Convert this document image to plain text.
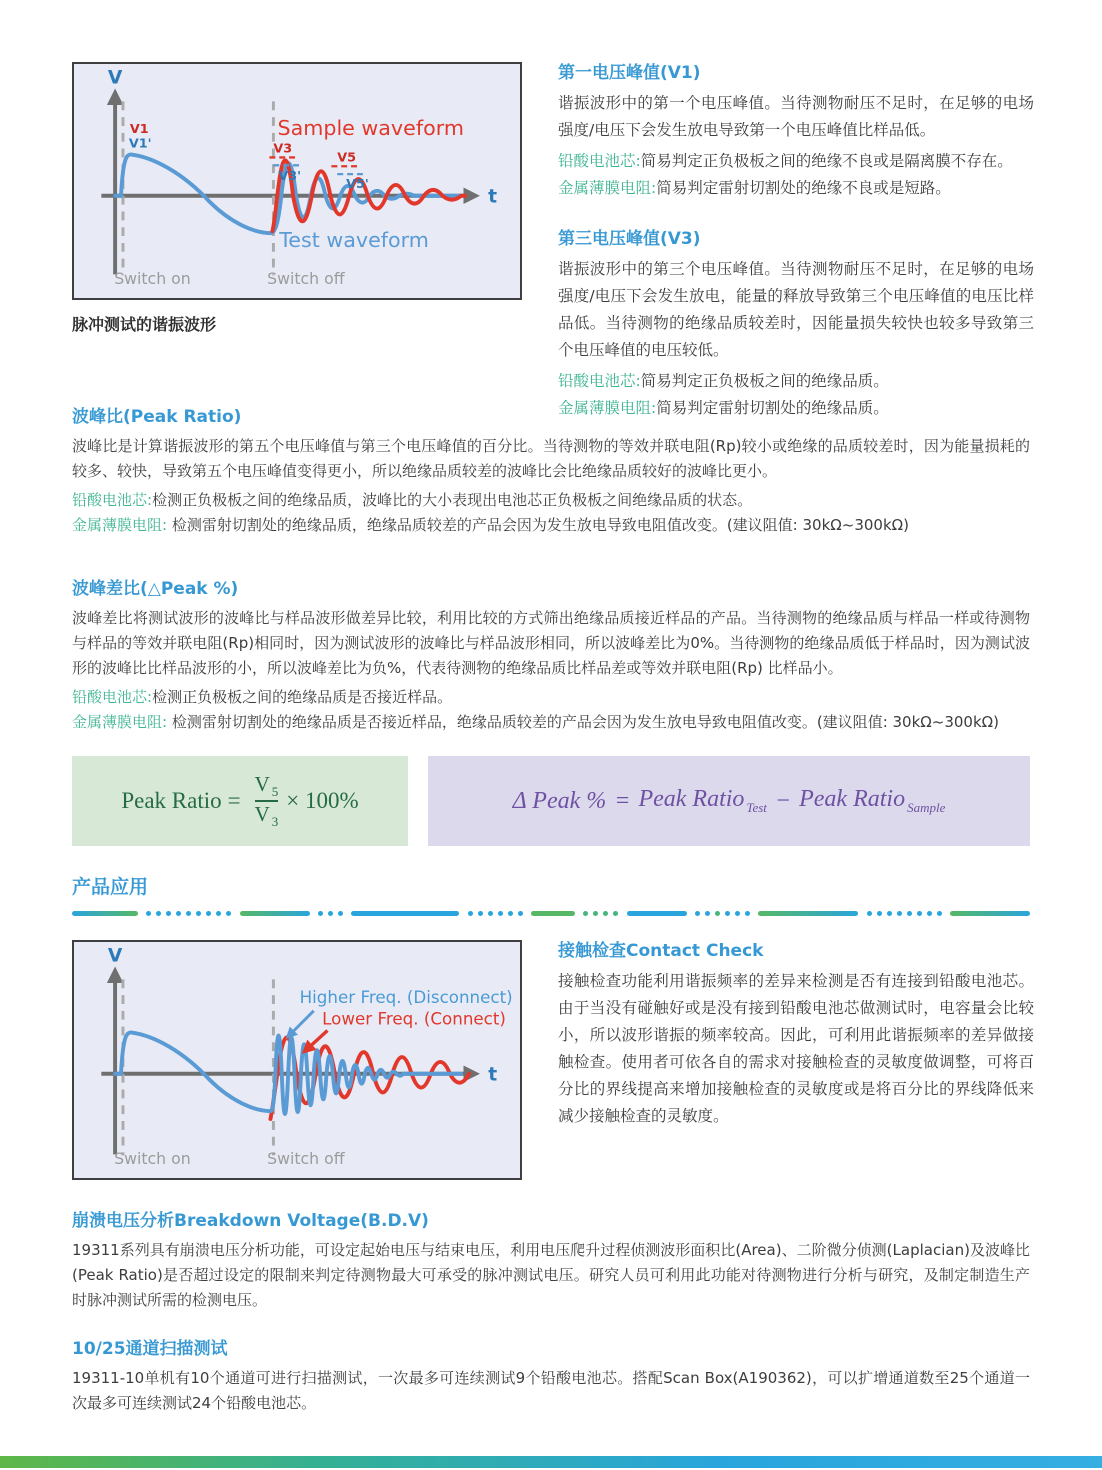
V
t
V1
V1'	V3
V3'
V5
V5'
Sample waveform
Test waveform
Switch on	Switch off
脉冲测试的谐振波形
第一电压峰值(V1)

谐振波形中的第一个电压峰值。当待测物耐压不足时，在足够的电场强度/电压下会发生放电导致第一个电压峰值比样品低。

铅酸电池芯:简易判定正负极板之间的绝缘不良或是隔离膜不存在。

金属薄膜电阻:简易判定雷射切割处的绝缘不良或是短路。

第三电压峰值(V3)

谐振波形中的第三个电压峰值。当待测物耐压不足时，在足够的电场强度/电压下会发生放电，能量的释放导致第三个电压峰值的电压比样品低。当待测物的绝缘品质较差时，因能量损失较快也较多导致第三个电压峰值的电压较低。

铅酸电池芯:简易判定正负极板之间的绝缘品质。

金属薄膜电阻:简易判定雷射切割处的绝缘品质。

波峰比(Peak Ratio)

波峰比是计算谐振波形的第五个电压峰值与第三个电压峰值的百分比。当待测物的等效并联电阻(Rp)较小或绝缘的品质较差时，因为能量损耗的较多、较快，导致第五个电压峰值变得更小，所以绝缘品质较差的波峰比会比绝缘品质较好的波峰比更小。

铅酸电池芯:检测正负极板之间的绝缘品质，波峰比的大小表现出电池芯正负极板之间绝缘品质的状态。

金属薄膜电阻: 检测雷射切割处的绝缘品质，绝缘品质较差的产品会因为发生放电导致电阻值改变。(建议阻值: 30kΩ~300kΩ)

波峰差比(△Peak %)

波峰差比将测试波形的波峰比与样品波形做差异比较，利用比较的方式筛出绝缘品质接近样品的产品。当待测物的绝缘品质与样品一样或待测物与样品的等效并联电阻(Rp)相同时，因为测试波形的波峰比与样品波形相同，所以波峰差比为0%。当待测物的绝缘品质低于样品时，因为测试波形的波峰比比样品波形的小，所以波峰差比为负%，代表待测物的绝缘品质比样品差或等效并联电阻(Rp) 比样品小。

铅酸电池芯:检测正负极板之间的绝缘品质是否接近样品。

金属薄膜电阻: 检测雷射切割处的绝缘品质是否接近样品，绝缘品质较差的产品会因为发生放电导致电阻值改变。(建议阻值: 30kΩ~300kΩ)

Peak Ratio = $\frac{V _5}{V _3} \times 100\%$	Δ Peak % = Peak Ratio $_{Test}$ − Peak Ratio $_{Sample}$
产品应用
V
t
Higher Freq. (Disconnect)
Lower Freq. (Connect)
Switch on	Switch off
接触检查Contact Check

接触检查功能利用谐振频率的差异来检测是否有连接到铅酸电池芯。由于当没有碰触好或是没有接到铅酸电池芯做测试时，电容量会比较小，所以波形谐振的频率较高。因此，可利用此谐振频率的差异做接触检查。使用者可依各自的需求对接触检查的灵敏度做调整，可将百分比的界线提高来增加接触检查的灵敏度或是将百分比的界线降低来减少接触检查的灵敏度。

崩溃电压分析Breakdown Voltage(B.D.V)

19311系列具有崩溃电压分析功能，可设定起始电压与结束电压，利用电压爬升过程侦测波形面积比(Area)、二阶微分侦测(Laplacian)及波峰比(Peak Ratio)是否超过设定的限制来判定待测物最大可承受的脉冲测试电压。研究人员可利用此功能对待测物进行分析与研究，及制定制造生产时脉冲测试所需的检测电压。

10/25通道扫描测试

19311-10单机有10个通道可进行扫描测试，一次最多可连续测试9个铅酸电池芯。搭配Scan Box(A190362)，可以扩增通道数至25个通道一次最多可连续测试24个铅酸电池芯。
